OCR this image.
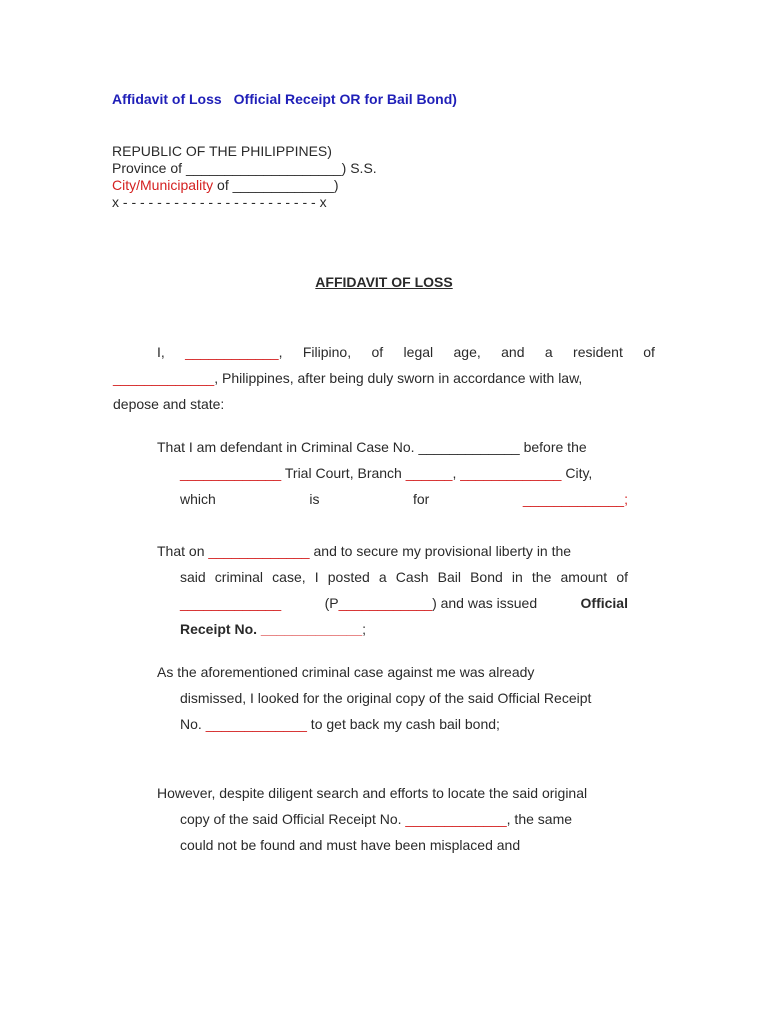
Affidavit of Loss Official Receipt OR for Bail Bond)
REPUBLIC OF THE PHILIPPINES)
Province of ____________________) S.S.
City/Municipality of _____________)
x - - - - - - - - - - - - - - - - - - - - - - - x
AFFIDAVIT OF LOSS
I, ____________, Filipino, of legal age, and a resident of
_____________, Philippines, after being duly sworn in accordance with law,
depose and state:
That I am defendant in Criminal Case No. _____________ before the
_____________ Trial Court, Branch ______, _____________ City,
which	is	for	_____________;
That on _____________ and to secure my provisional liberty in the
said criminal case, I posted a Cash Bail Bond in the amount of
_____________	(P____________) and was issued	Official
Receipt No. _____________;
As the aforementioned criminal case against me was already
dismissed, I looked for the original copy of the said Official Receipt
No. _____________ to get back my cash bail bond;
However, despite diligent search and efforts to locate the said original
copy of the said Official Receipt No. _____________, the same
could not be found and must have been misplaced and
